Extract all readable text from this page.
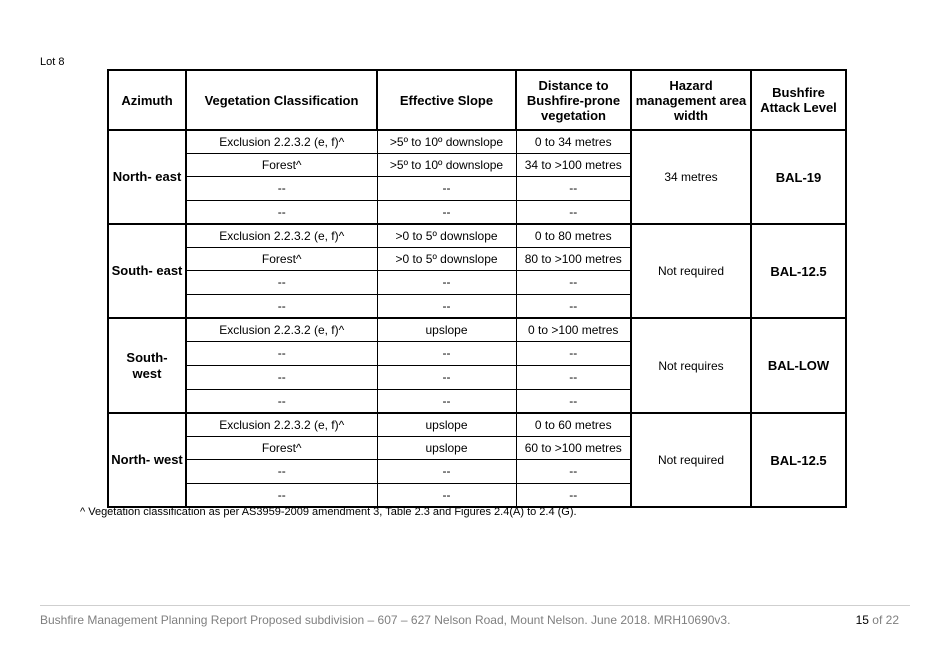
Lot 8
Azimuth	Vegetation Classification	Effective Slope	Distance to Bushfire-prone vegetation	Hazard management area width	Bushfire Attack Level
North- east	Exclusion 2.2.3.2 (e, f)^	>5º to 10º downslope	0 to 34 metres	34 metres	BAL-19
	Forest^	>5º to 10º downslope	34 to >100 metres		
	--	--	--		
	--	--	--		
South- east	Exclusion 2.2.3.2 (e, f)^	>0 to 5º downslope	0 to 80 metres	Not required	BAL-12.5
	Forest^	>0 to 5º downslope	80 to >100 metres		
	--	--	--		
	--	--	--		
South- west	Exclusion 2.2.3.2 (e, f)^	upslope	0 to >100 metres	Not requires	BAL-LOW
	--	--	--		
	--	--	--		
	--	--	--		
North- west	Exclusion 2.2.3.2 (e, f)^	upslope	0 to 60 metres	Not required	BAL-12.5
	Forest^	upslope	60 to >100 metres		
	--	--	--		
	--	--	--		
^ Vegetation classification as per AS3959-2009 amendment 3, Table 2.3 and Figures 2.4(A) to 2.4 (G).
Bushfire Management Planning Report Proposed subdivision – 607 – 627 Nelson Road, Mount Nelson. June 2018. MRH10690v3.	15 of 22
